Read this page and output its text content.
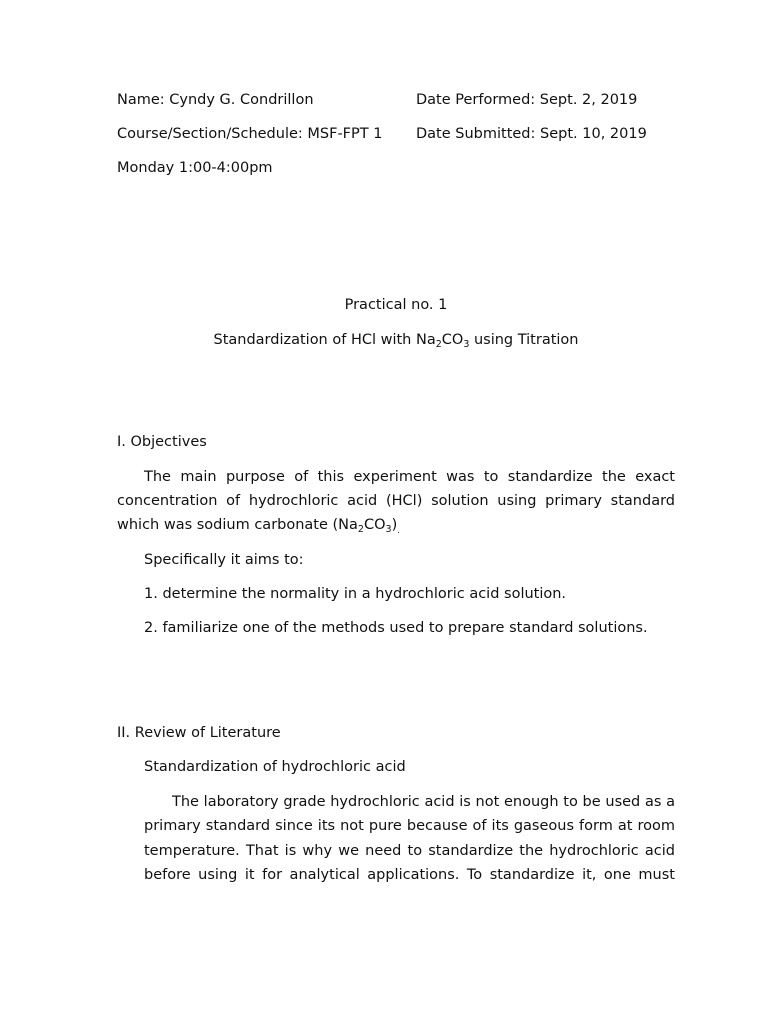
Name: Cyndy G. Condrillon	Date Performed: Sept. 2, 2019
Course/Section/Schedule: MSF-FPT 1 Date Submitted: Sept. 10, 2019
Monday 1:00-4:00pm
Practical no. 1
Standardization of HCl with $Na_2CO_3$ using Titration
I. Objectives
The main purpose of this experiment was to standardize the exact
concentration of hydrochloric acid (HCl) solution using primary standard
which was sodium carbonate $(Na_2CO_3)_.$
Specifically it aims to:
1. determine the normality in a hydrochloric acid solution.
2. familiarize one of the methods used to prepare standard solutions.
II. Review of Literature
Standardization of hydrochloric acid
The laboratory grade hydrochloric acid is not enough to be used as a
primary standard since its not pure because of its gaseous form at room
temperature. That is why we need to standardize the hydrochloric acid
before using it for analytical applications. To standardize it, one must
